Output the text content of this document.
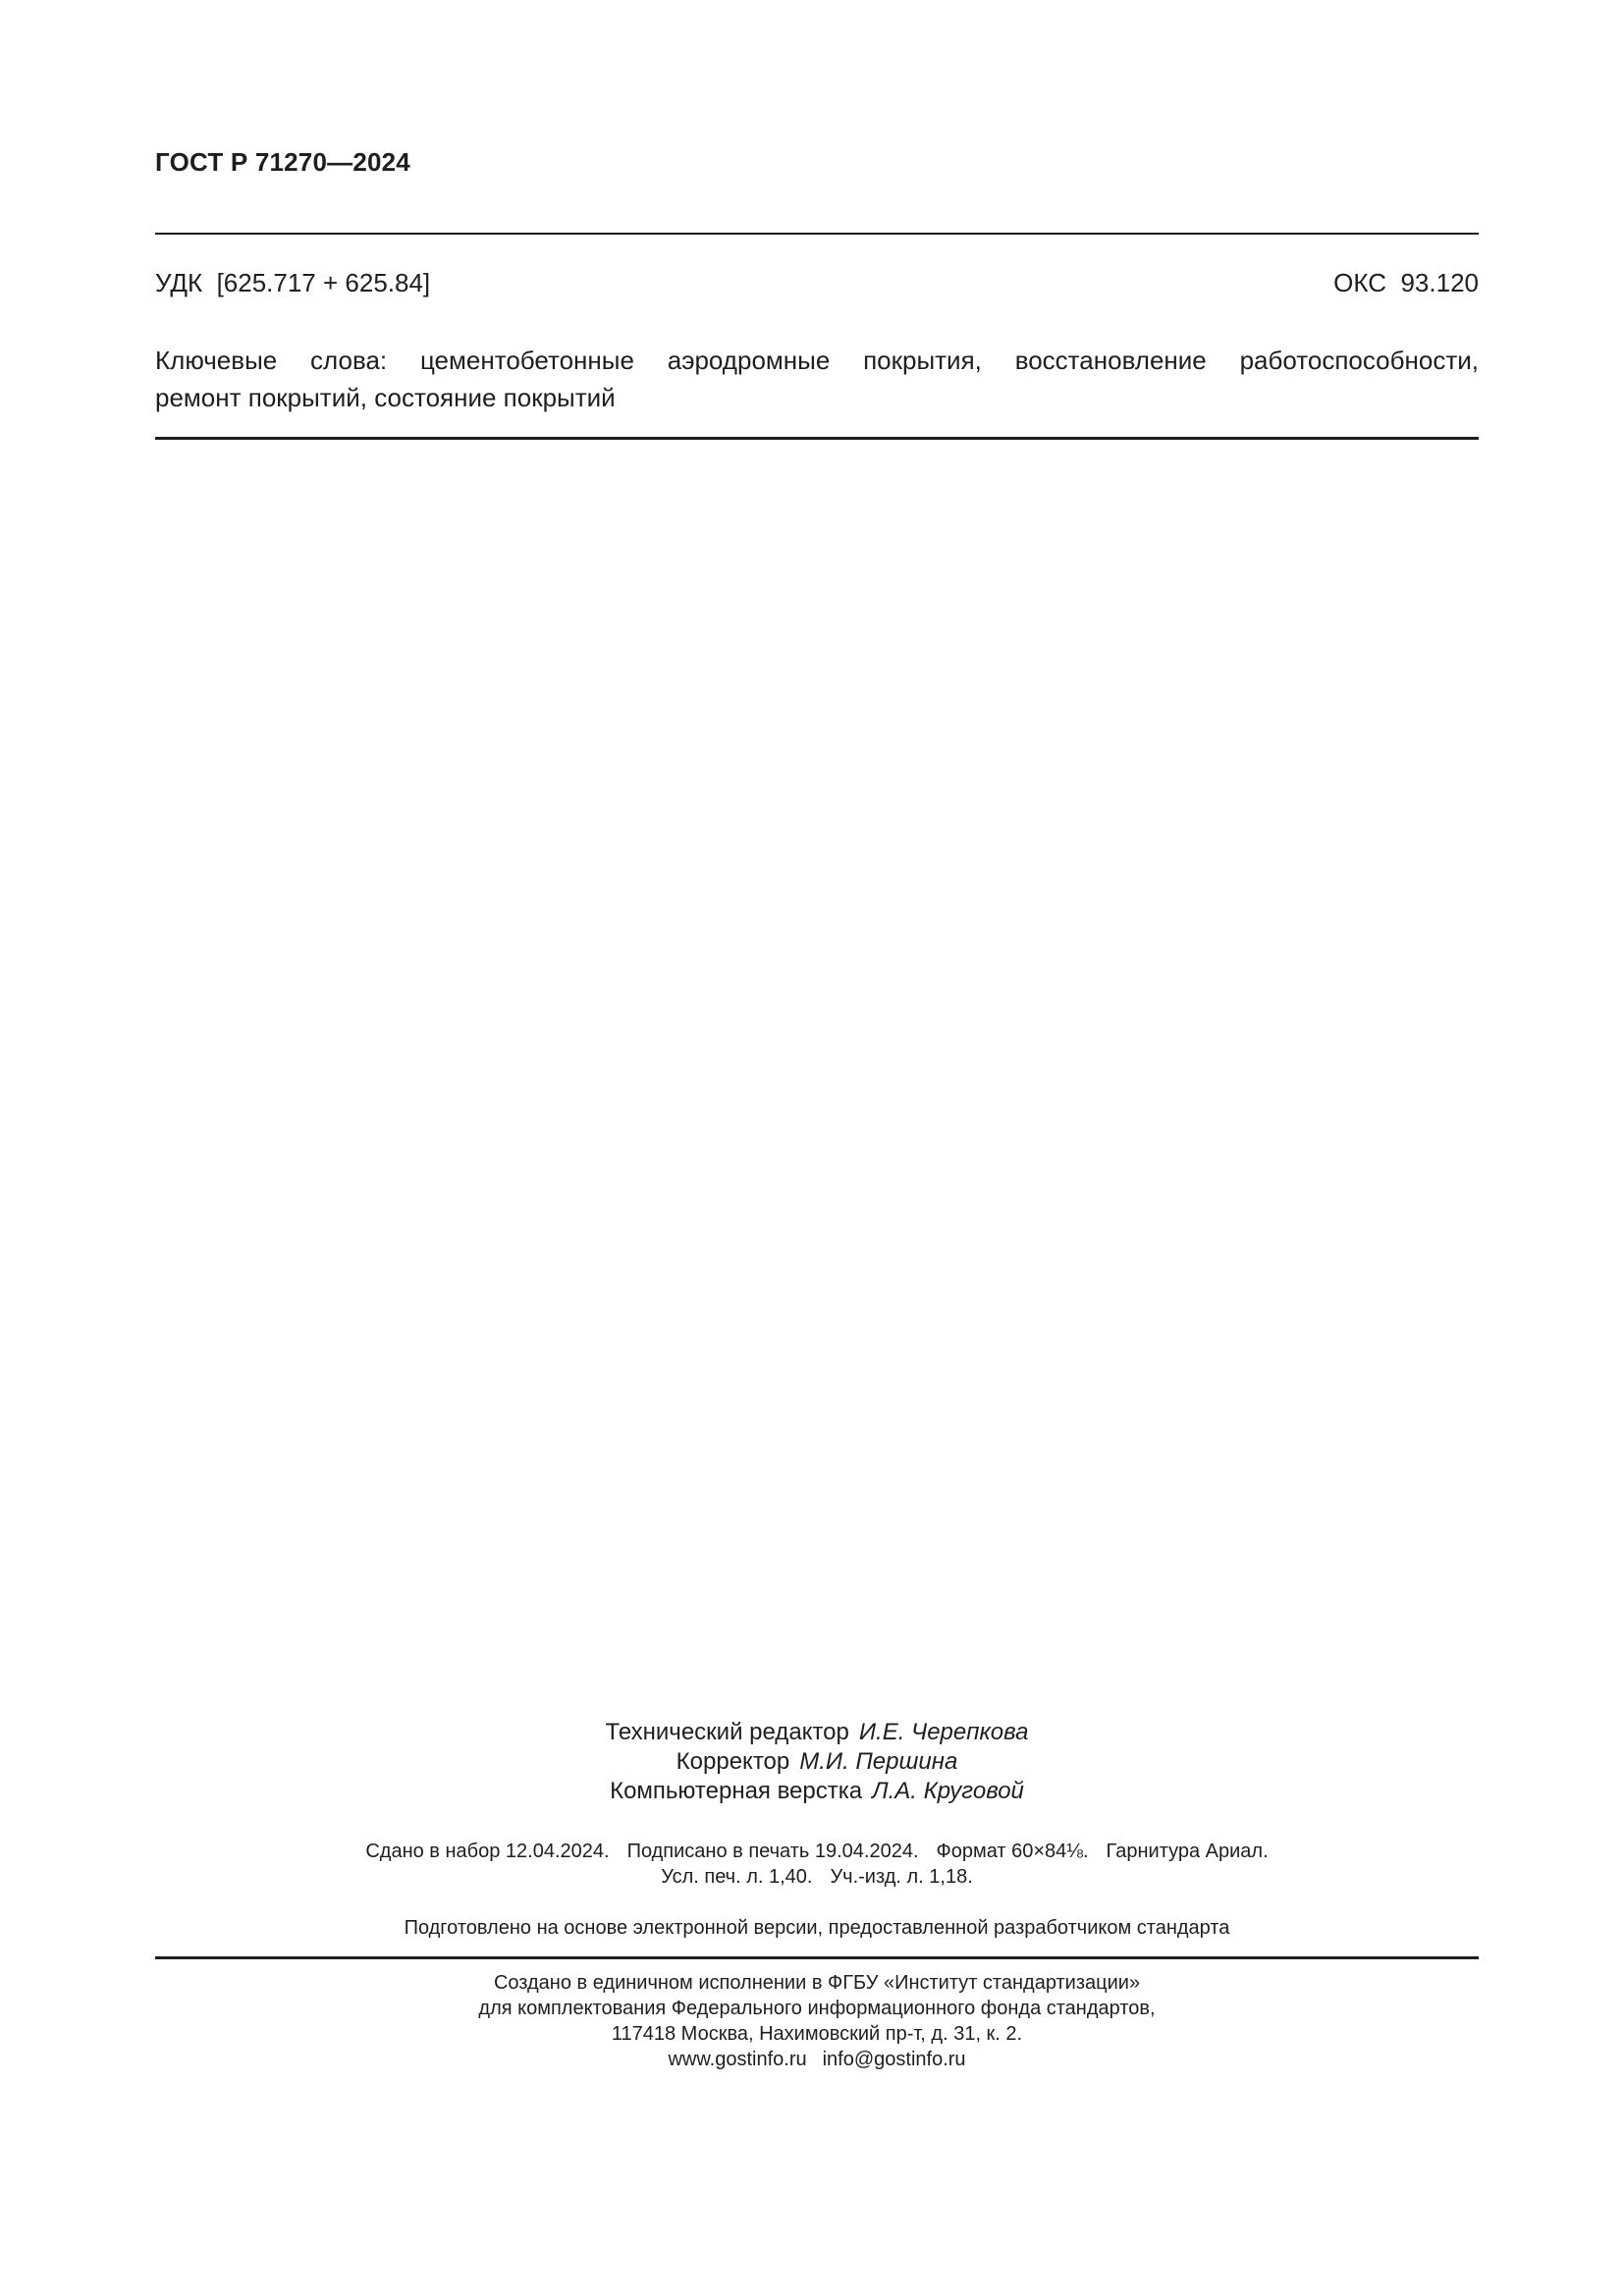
ГОСТ Р 71270—2024
УДК [625.717 + 625.84]	ОКС 93.120
Ключевые слова: цементобетонные аэродромные покрытия, восстановление работоспособности,
ремонт покрытий, состояние покрытий
Технический редактор И.Е. Черепкова
Корректор М.И. Першина
Компьютерная верстка Л.А. Круговой
Сдано в набор 12.04.2024. Подписано в печать 19.04.2024. Формат 60×84⅛. Гарнитура Ариал.
Усл. печ. л. 1,40. Уч.-изд. л. 1,18.
Подготовлено на основе электронной версии, предоставленной разработчиком стандарта
Создано в единичном исполнении в ФГБУ «Институт стандартизации»
для комплектования Федерального информационного фонда стандартов,
117418 Москва, Нахимовский пр-т, д. 31, к. 2.
www.gostinfo.ru info@gostinfo.ru
